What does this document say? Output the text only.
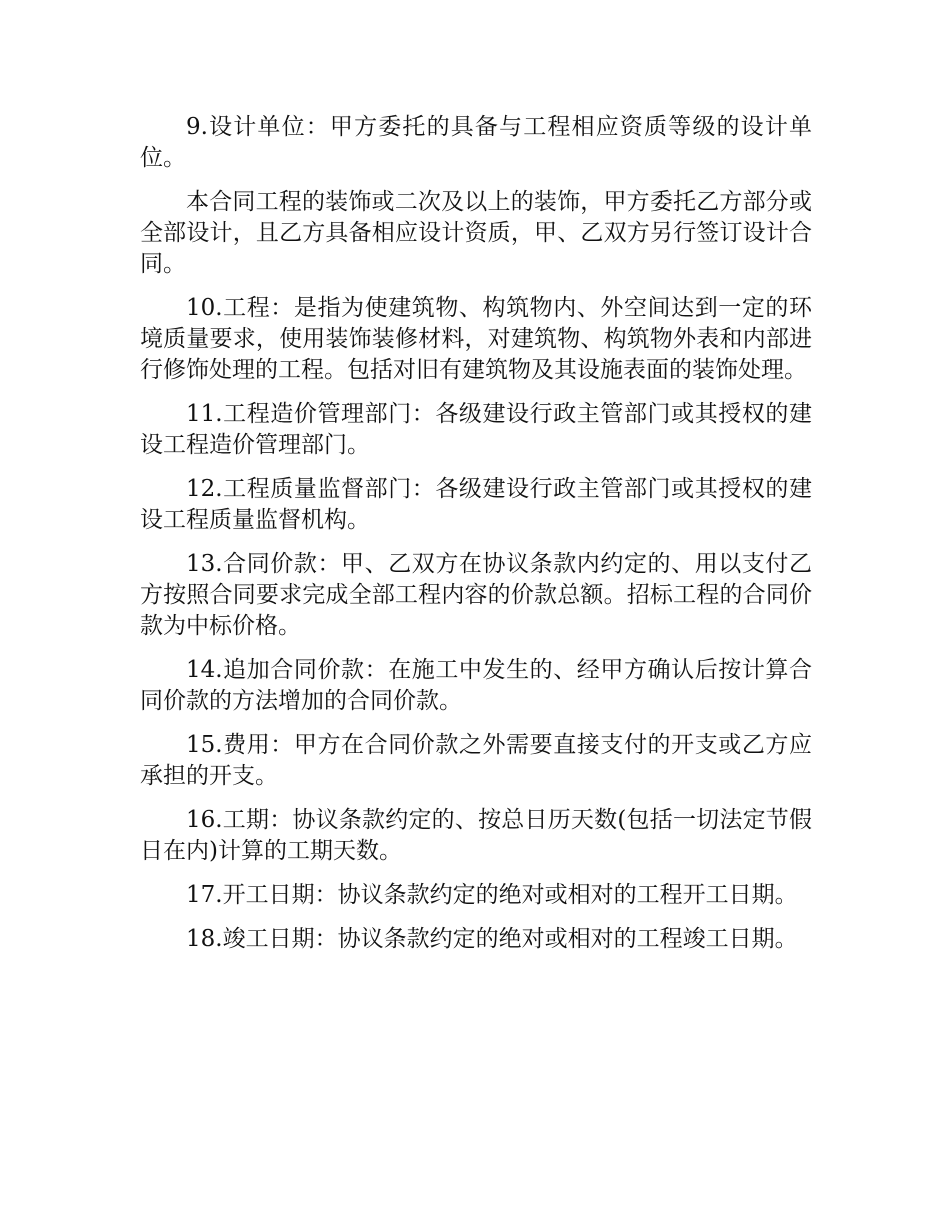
9.设计单位：甲方委托的具备与工程相应资质等级的设计单位。

本合同工程的装饰或二次及以上的装饰，甲方委托乙方部分或全部设计，且乙方具备相应设计资质，甲、乙双方另行签订设计合同。

10.工程：是指为使建筑物、构筑物内、外空间达到一定的环境质量要求，使用装饰装修材料，对建筑物、构筑物外表和内部进行修饰处理的工程。包括对旧有建筑物及其设施表面的装饰处理。

11.工程造价管理部门：各级建设行政主管部门或其授权的建设工程造价管理部门。

12.工程质量监督部门：各级建设行政主管部门或其授权的建设工程质量监督机构。

13.合同价款：甲、乙双方在协议条款内约定的、用以支付乙方按照合同要求完成全部工程内容的价款总额。招标工程的合同价款为中标价格。

14.追加合同价款：在施工中发生的、经甲方确认后按计算合同价款的方法增加的合同价款。

15.费用：甲方在合同价款之外需要直接支付的开支或乙方应承担的开支。

16.工期：协议条款约定的、按总日历天数(包括一切法定节假日在内)计算的工期天数。

17.开工日期：协议条款约定的绝对或相对的工程开工日期。

18.竣工日期：协议条款约定的绝对或相对的工程竣工日期。
